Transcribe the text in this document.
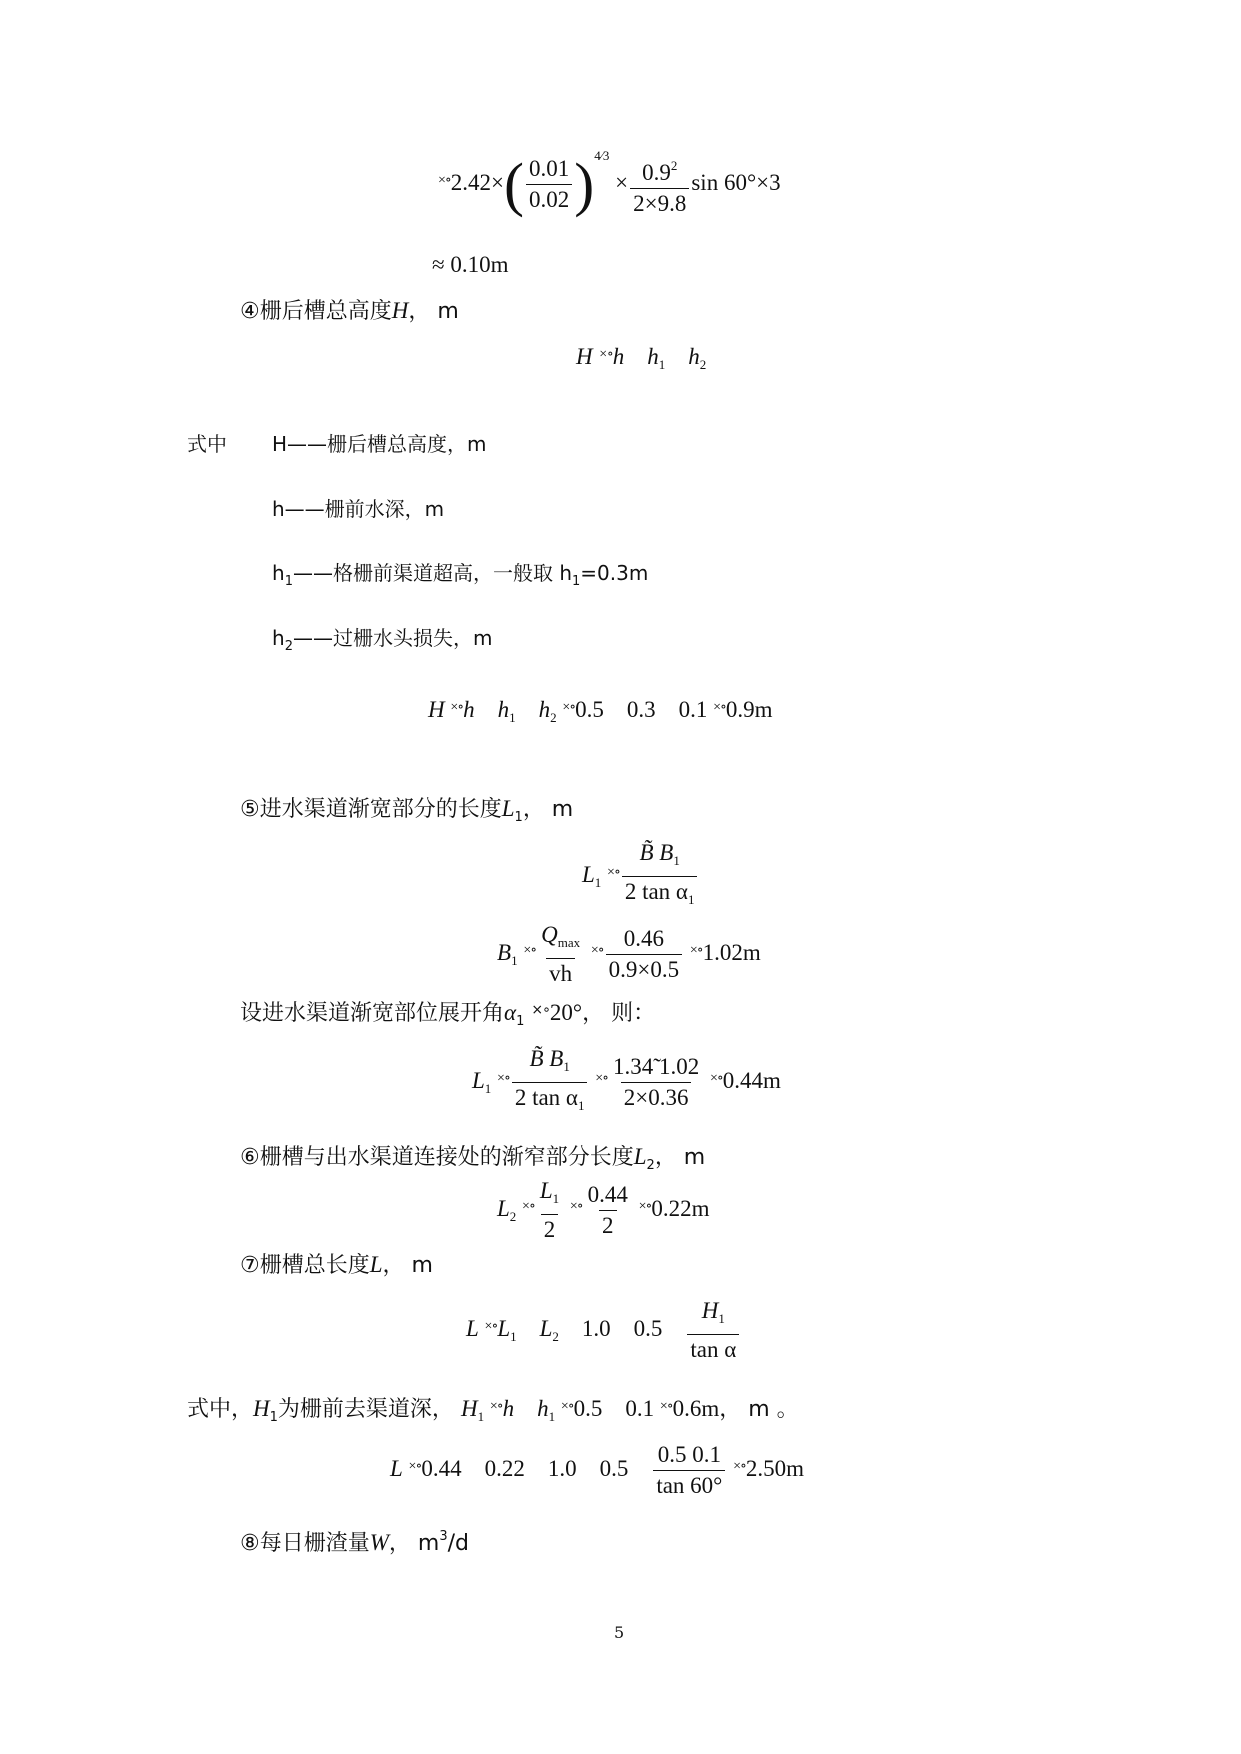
$^{\times\circ}2.42\times( \frac{0.01}{0.02} )^{4⁄3} \times \frac{0.9^2}{2\times 9.8}$ sin 60°×3
≈ 0.10m
④栅后槽总高度H， m
H ×∘h $h_1$ $h_2$
式中 H——栅后槽总高度，m
h——栅前水深，m
$h_1——$格栅前渠道超高，一般取 $h_1=0.3m$
$h_2——$过栅水头损失，m
H ×∘h $h_1$ $h_2$ ×∘0.5 0.3 0.1 ×∘0.9m
⑤进水渠道渐宽部分的长度$L_1$， m
$L_1$ $^{\times\circ} \frac{B̃ B_1}{2 \tan \alpha_1}$
$B_1$ $^{\times\circ} \frac{Q_{max}}{vh} ^{\times\circ} \frac{0.46}{0.9\times 0.5} ^{\times\circ}1.02m$
设进水渠道渐宽部位展开角$\alpha_1$ ×∘20°， 则：
$L_1$ $^{\times\circ} \frac{B̃ B_1}{2 \tan \alpha_1} ^{\times\circ} \frac{1.34̃ 1.02}{2\times 0.36} ^{\times\circ}0.44m$
⑥栅槽与出水渠道连接处的渐窄部分长度$L_2$， m
$L_2$ $^{\times\circ} \frac{L_1}{2} ^{\times\circ} \frac{0.44}{2} ^{\times\circ}0.22m$
⑦栅槽总长度L， m
L $^{\times\circ}L_1$ $L_2$ 1.0 $0.5 \frac{H_1}{\text{tan α}}$
式中，$H_1$为栅前去渠道深， $H_1$ ×∘h $h_1$ ×∘0.5 0.1 ×∘0.6m， m 。
L ×∘0.44 0.22 1.0 $0.5 \frac{0.5 0.1}{\tan 60^\circ} ^{\times\circ}2.50m$
⑧每日栅渣量W， $m^3/d$
5
